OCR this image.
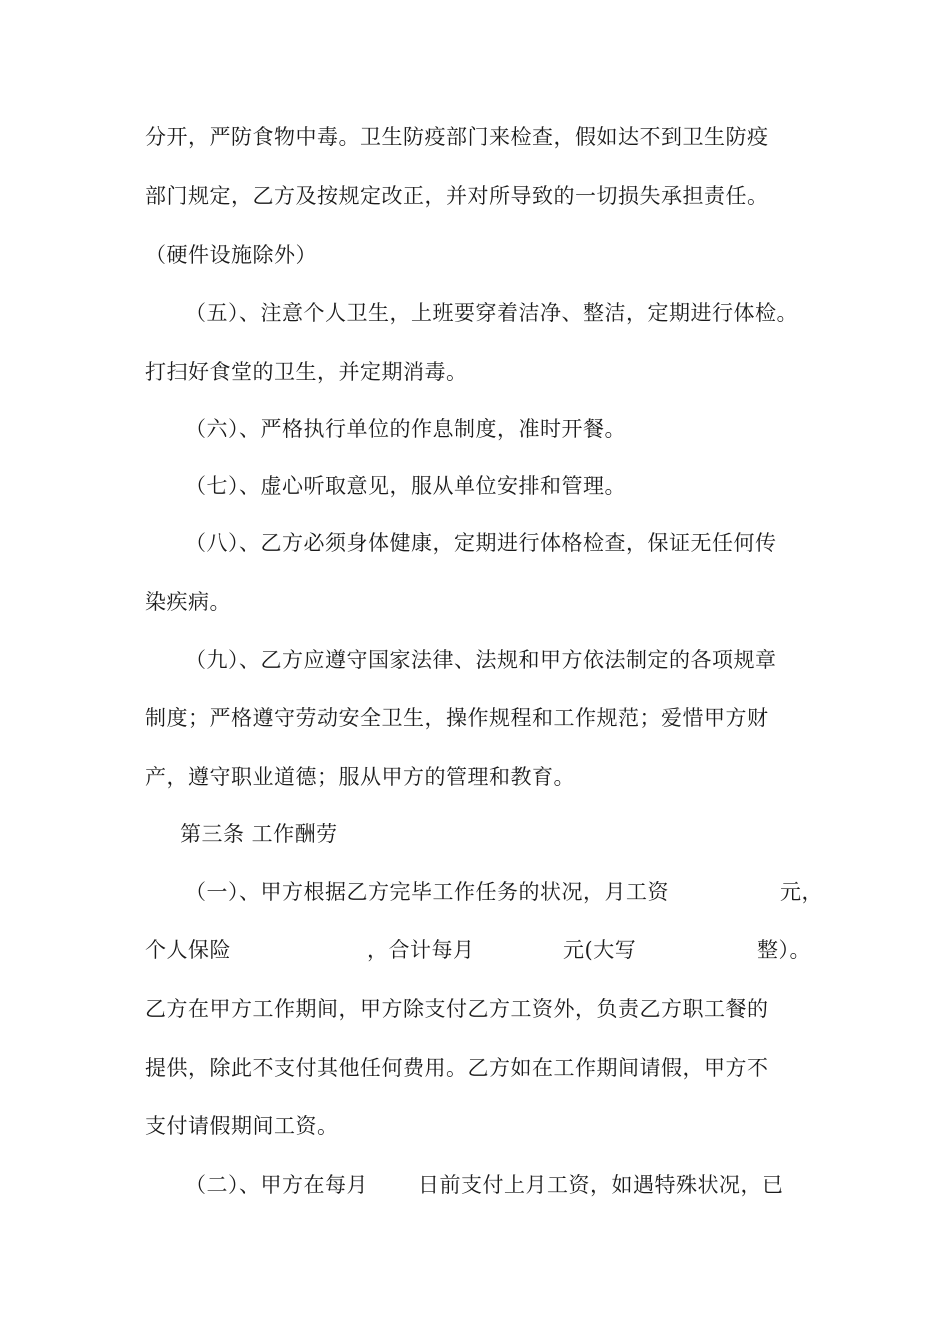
分开，严防食物中毒。卫生防疫部门来检查，假如达不到卫生防疫
部门规定，乙方及按规定改正，并对所导致的一切损失承担责任。
（硬件设施除外）
（五）、注意个人卫生，上班要穿着洁净、整洁，定期进行体检。
打扫好食堂的卫生，并定期消毒。
（六）、严格执行单位的作息制度，准时开餐。
（七）、虚心听取意见，服从单位安排和管理。
（八）、乙方必须身体健康，定期进行体格检查，保证无任何传
染疾病。
（九）、乙方应遵守国家法律、法规和甲方依法制定的各项规章
制度；严格遵守劳动安全卫生，操作规程和工作规范；爱惜甲方财
产，遵守职业道德；服从甲方的管理和教育。
第三条 工作酬劳
（一）、甲方根据乙方完毕工作任务的状况，月工资	元，
个人保险	，合计每月	元(大写	整）。
乙方在甲方工作期间，甲方除支付乙方工资外，负责乙方职工餐的
提供，除此不支付其他任何费用。乙方如在工作期间请假，甲方不
支付请假期间工资。
（二）、甲方在每月 日前支付上月工资，如遇特殊状况，已
